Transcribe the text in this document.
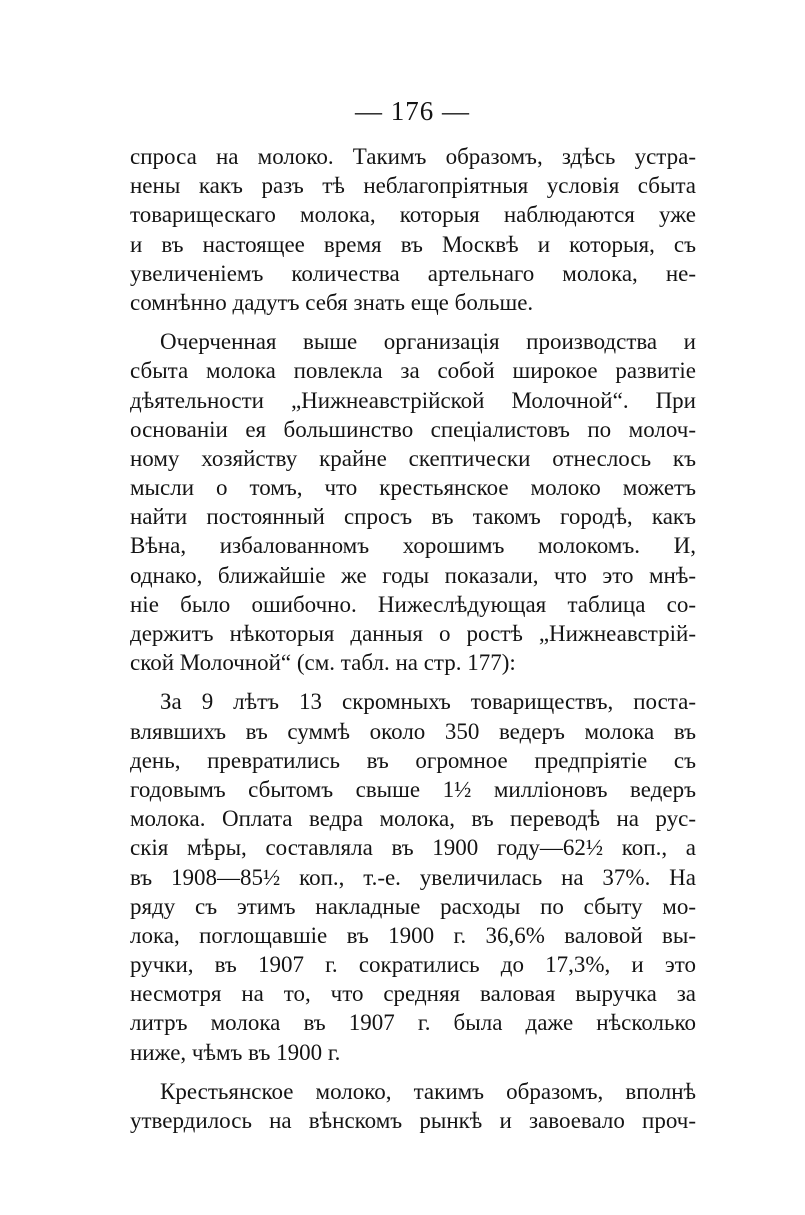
— 176 —

спроса на молоко. Такимъ образомъ, здѣсь устра-
нены какъ разъ тѣ неблагопріятныя условія сбыта
товарищескаго молока, которыя наблюдаются уже
и въ настоящее время въ Москвѣ и которыя, съ
увеличеніемъ количества артельнаго молока, не-
сомнѣнно дадутъ себя знать еще больше.

Очерченная выше организація производства и
сбыта молока повлекла за собой широкое развитіе
дѣятельности „Нижнеавстрійской Молочной“. При
основаніи ея большинство спеціалистовъ по молоч-
ному хозяйству крайне скептически отнеслось къ
мысли о томъ, что крестьянское молоко можетъ
найти постоянный спросъ въ такомъ городѣ, какъ
Вѣна, избалованномъ хорошимъ молокомъ. И,
однако, ближайшіе же годы показали, что это мнѣ-
ніе было ошибочно. Нижеслѣдующая таблица со-
держитъ нѣкоторыя данныя о ростѣ „Нижнеавстрій-
ской Молочной“ (см. табл. на стр. 177):

За 9 лѣтъ 13 скромныхъ товариществъ, поста-
влявшихъ въ суммѣ около 350 ведеръ молока въ
день, превратились въ огромное предпріятіе съ
годовымъ сбытомъ свыше 1½ милліоновъ ведеръ
молока. Оплата ведра молока, въ переводѣ на рус-
скія мѣры, составляла въ 1900 году—62½ коп., а
въ 1908—85½ коп., т.-е. увеличилась на 37%. На
ряду съ этимъ накладные расходы по сбыту мо-
лока, поглощавшіе въ 1900 г. 36,6% валовой вы-
ручки, въ 1907 г. сократились до 17,3%, и это
несмотря на то, что средняя валовая выручка за
литръ молока въ 1907 г. была даже нѣсколько
ниже, чѣмъ въ 1900 г.

Крестьянское молоко, такимъ образомъ, вполнѣ
утвердилось на вѣнскомъ рынкѣ и завоевало проч-
